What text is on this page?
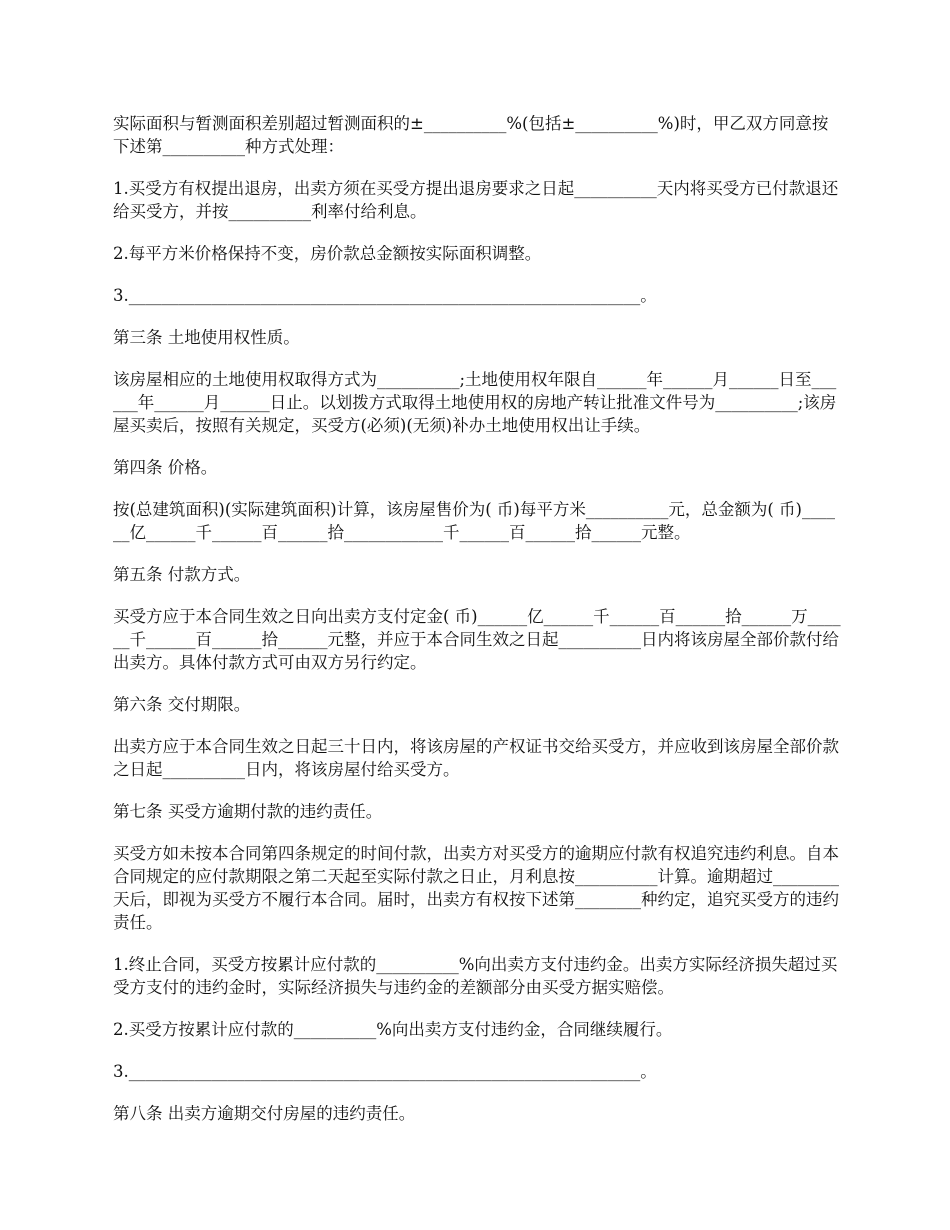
实际面积与暂测面积差别超过暂测面积的±__________%(包括±__________%)时，甲乙双方同意按下述第__________种方式处理：

1.买受方有权提出退房，出卖方须在买受方提出退房要求之日起__________天内将买受方已付款退还给买受方，并按__________利率付给利息。

2.每平方米价格保持不变，房价款总金额按实际面积调整。

3.______________________________________________________________。

第三条 土地使用权性质。

该房屋相应的土地使用权取得方式为__________;土地使用权年限自______年______月______日至______年______月______日止。以划拨方式取得土地使用权的房地产转让批准文件号为__________;该房屋买卖后，按照有关规定，买受方(必须)(无须)补办土地使用权出让手续。

第四条 价格。

按(总建筑面积)(实际建筑面积)计算，该房屋售价为( 币)每平方米__________元，总金额为( 币)______亿______千______百______拾____________千______百______拾______元整。

第五条 付款方式。

买受方应于本合同生效之日向出卖方支付定金( 币)______亿______千______百______拾______万______千______百______拾______元整，并应于本合同生效之日起__________日内将该房屋全部价款付给出卖方。具体付款方式可由双方另行约定。

第六条 交付期限。

出卖方应于本合同生效之日起三十日内，将该房屋的产权证书交给买受方，并应收到该房屋全部价款之日起__________日内，将该房屋付给买受方。

第七条 买受方逾期付款的违约责任。

买受方如未按本合同第四条规定的时间付款，出卖方对买受方的逾期应付款有权追究违约利息。自本合同规定的应付款期限之第二天起至实际付款之日止，月利息按__________计算。逾期超过________天后，即视为买受方不履行本合同。届时，出卖方有权按下述第________种约定，追究买受方的违约责任。

1.终止合同，买受方按累计应付款的__________%向出卖方支付违约金。出卖方实际经济损失超过买受方支付的违约金时，实际经济损失与违约金的差额部分由买受方据实赔偿。

2.买受方按累计应付款的__________%向出卖方支付违约金，合同继续履行。

3.______________________________________________________________。

第八条 出卖方逾期交付房屋的违约责任。
